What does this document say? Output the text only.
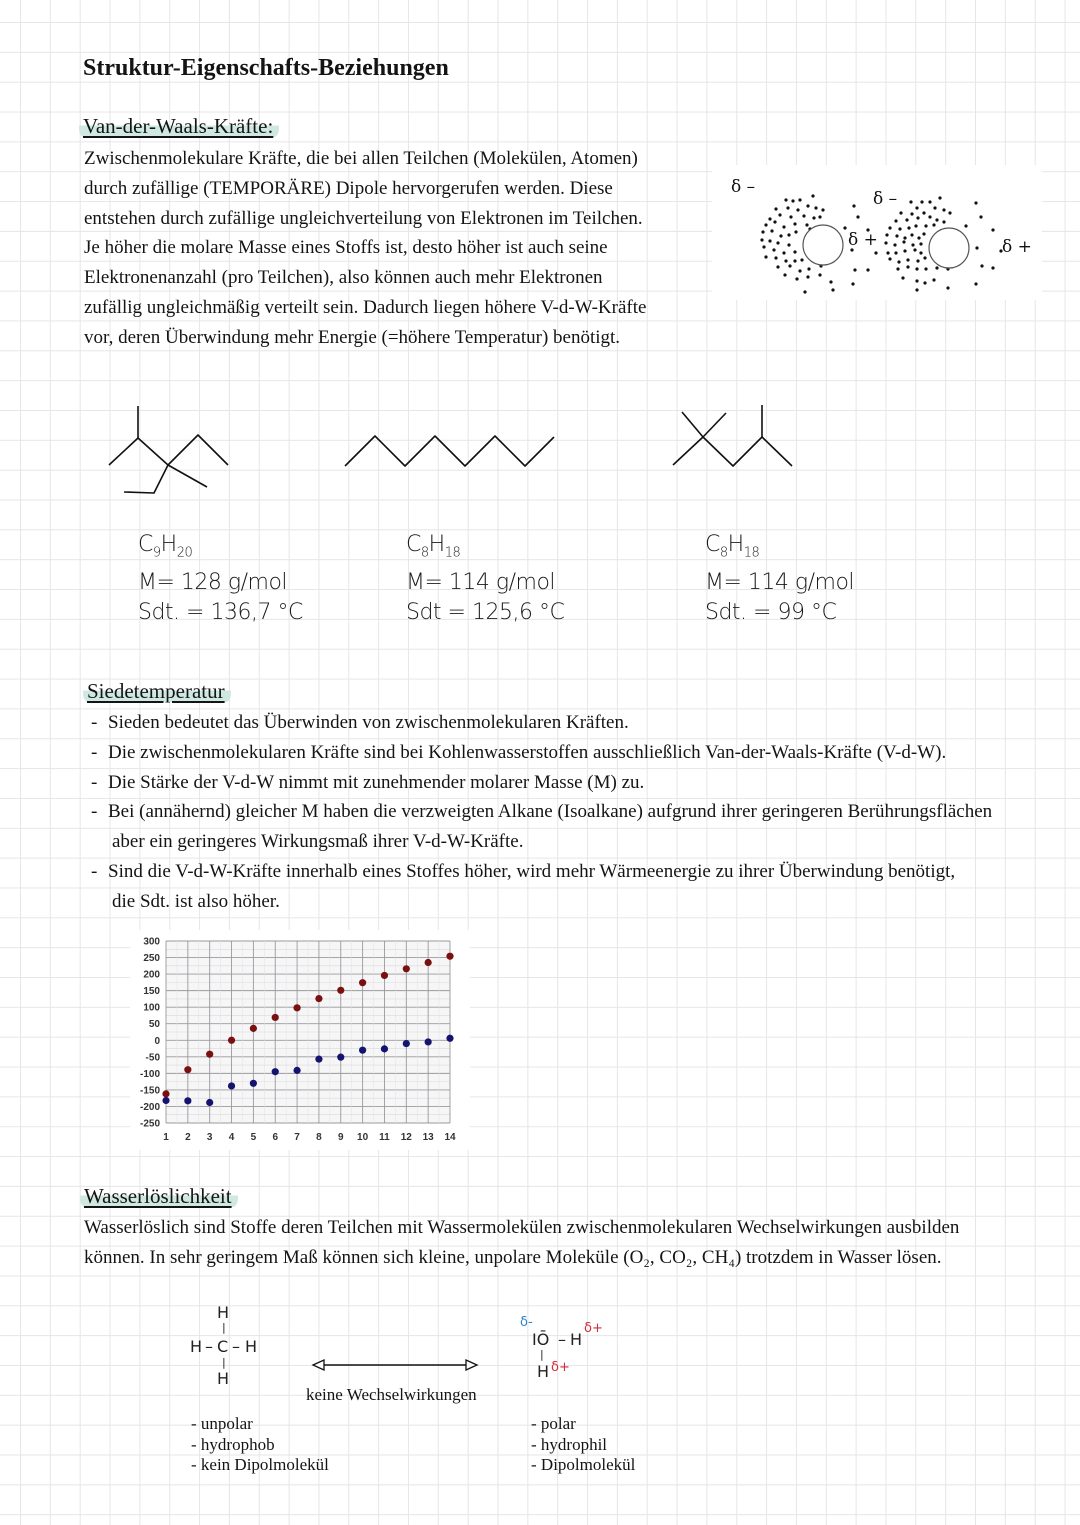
Struktur-Eigenschafts-Beziehungen
Van-der-Waals-Kräfte:
Zwischenmolekulare Kräfte, die bei allen Teilchen (Molekülen, Atomen)
durch zufällige (TEMPORÄRE) Dipole hervorgerufen werden. Diese
entstehen durch zufällige ungleichverteilung von Elektronen im Teilchen.
Je höher die molare Masse eines Stoffs ist, desto höher ist auch seine
Elektronenanzahl (pro Teilchen), also können auch mehr Elektronen
zufällig ungleichmäßig verteilt sein. Dadurch liegen höhere V-d-W-Kräfte
vor, deren Überwindung mehr Energie (=höhere Temperatur) benötigt.
δ –
δ +
δ –
δ +
$C_9H_{20}$
M= 128 g/mol
Sdt. = 136,7 °C
$C_8H_{18}$
M= 114 g/mol
Sdt = 125,6 °C
$C_8H_{18}$
M= 114 g/mol
Sdt. = 99 °C
Siedetemperatur
- Sieden bedeutet das Überwinden von zwischenmolekularen Kräften.
- Die zwischenmolekularen Kräfte sind bei Kohlenwasserstoffen ausschließlich Van-der-Waals-Kräfte (V-d-W).
- Die Stärke der V-d-W nimmt mit zunehmender molarer Masse (M) zu.
- Bei (annähernd) gleicher M haben die verzweigten Alkane (Isoalkane) aufgrund ihrer geringeren Berührungsflächen
aber ein geringeres Wirkungsmaß ihrer V-d-W-Kräfte.
- Sind die V-d-W-Kräfte innerhalb eines Stoffes höher, wird mehr Wärmeenergie zu ihrer Überwindung benötigt,
die Sdt. ist also höher.
300
250
200
150
100
50
0
-50
-100
-150
-200
-250
1 2 3 4 5 6 7 8 9 10 11 12 13 14
Wasserlöslichkeit
Wasserlöslich sind Stoffe deren Teilchen mit Wassermolekülen zwischenmolekularen Wechselwirkungen ausbilden
können. In sehr geringem Maß können sich kleine, unpolare Moleküle (O₂, CO₂, CH₄) trotzdem in Wasser lösen.
H
|
H – C – H
|
H
keine Wechselwirkungen
δ-
IŌ – H
δ+
|
H δ+
- unpolar
- hydrophob
- kein Dipolmolekül
- polar
- hydrophil
- Dipolmolekül
